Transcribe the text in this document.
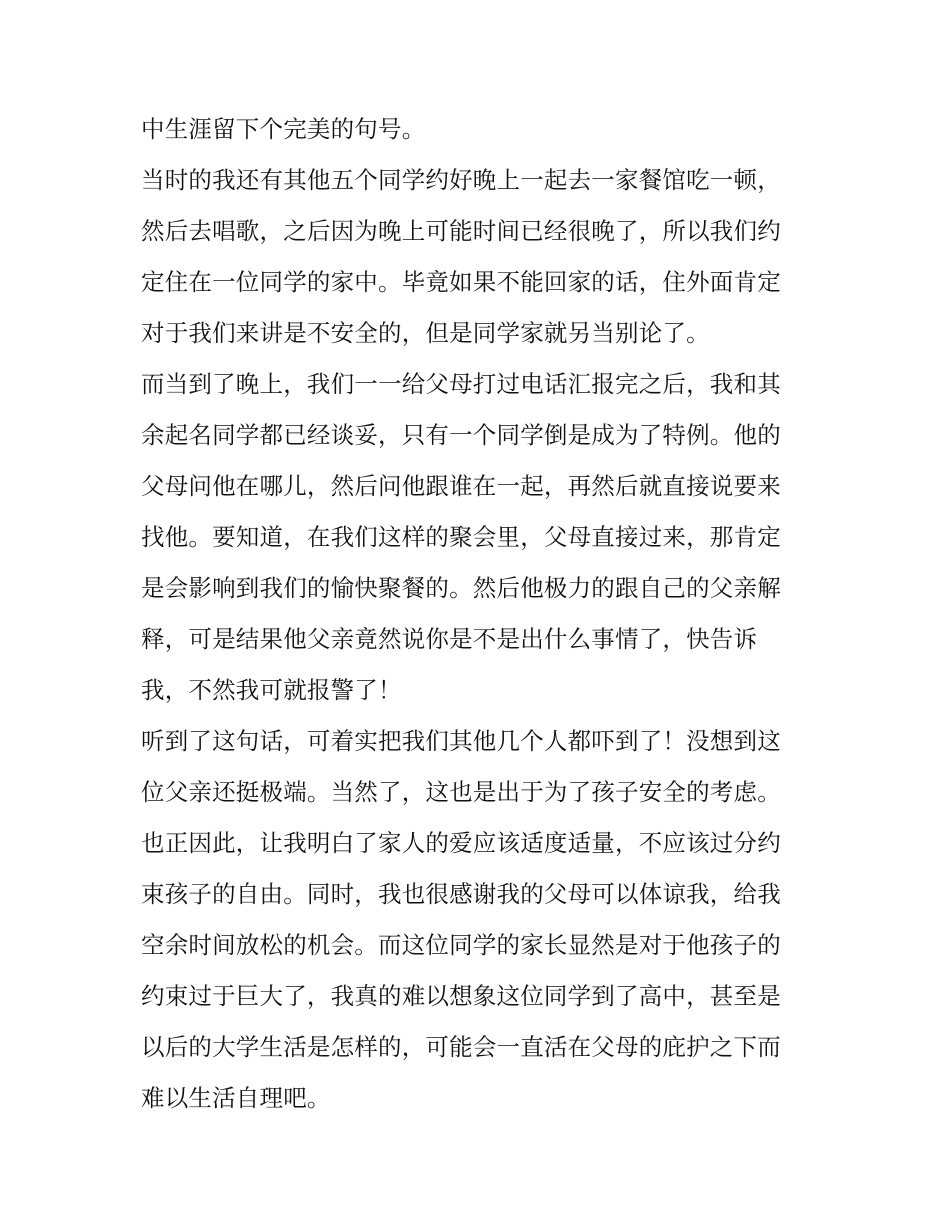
中生涯留下个完美的句号。
当时的我还有其他五个同学约好晚上一起去一家餐馆吃一顿，
然后去唱歌，之后因为晚上可能时间已经很晚了，所以我们约
定住在一位同学的家中。毕竟如果不能回家的话，住外面肯定
对于我们来讲是不安全的，但是同学家就另当别论了。
而当到了晚上，我们一一给父母打过电话汇报完之后，我和其
余起名同学都已经谈妥，只有一个同学倒是成为了特例。他的
父母问他在哪儿，然后问他跟谁在一起，再然后就直接说要来
找他。要知道，在我们这样的聚会里，父母直接过来，那肯定
是会影响到我们的愉快聚餐的。然后他极力的跟自己的父亲解
释，可是结果他父亲竟然说你是不是出什么事情了，快告诉
我，不然我可就报警了！
听到了这句话，可着实把我们其他几个人都吓到了！没想到这
位父亲还挺极端。当然了，这也是出于为了孩子安全的考虑。
也正因此，让我明白了家人的爱应该适度适量，不应该过分约
束孩子的自由。同时，我也很感谢我的父母可以体谅我，给我
空余时间放松的机会。而这位同学的家长显然是对于他孩子的
约束过于巨大了，我真的难以想象这位同学到了高中，甚至是
以后的大学生活是怎样的，可能会一直活在父母的庇护之下而
难以生活自理吧。
